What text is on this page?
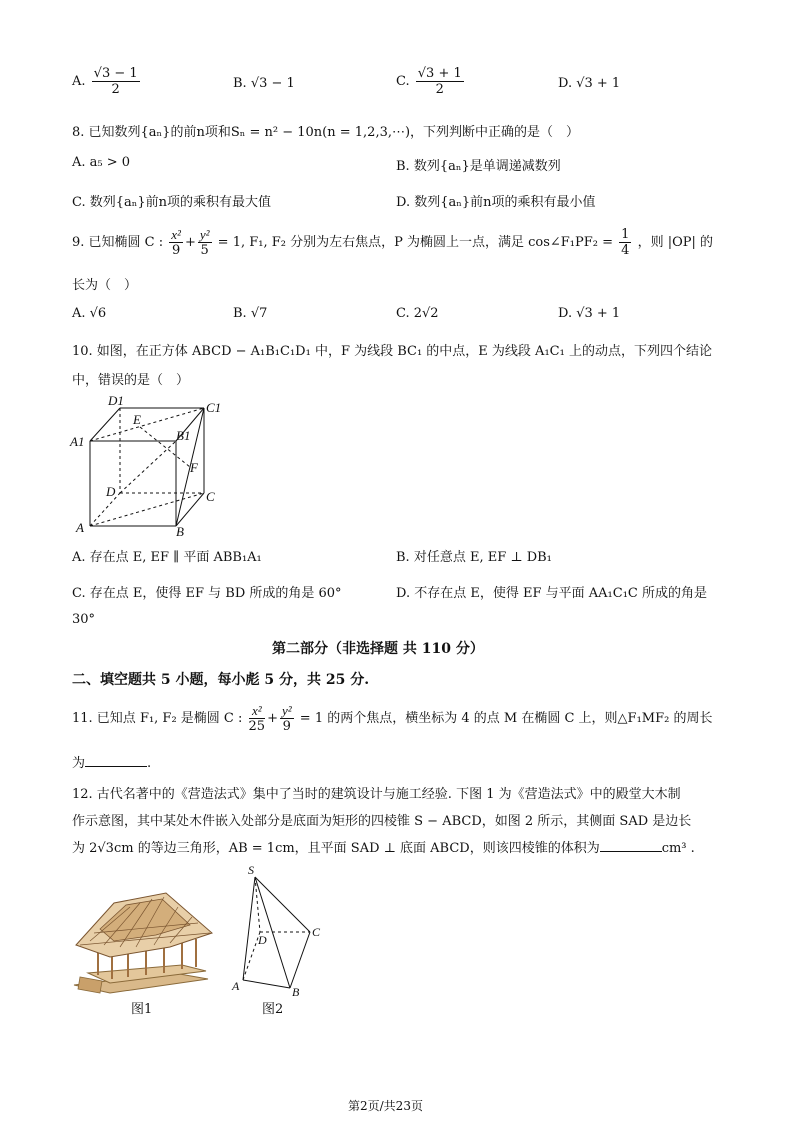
A. $\frac{√3 - 1}{2}$	B. √3 − 1	C. $\frac{√3 + 1}{2}$	D. √3 + 1
8. 已知数列{aₙ}的前n项和Sₙ = n² − 10n(n = 1,2,3,⋯)，下列判断中正确的是（　）
A. a₅ > 0	B. 数列{aₙ}是单调递减数列
C. 数列{aₙ}前n项的乘积有最大值	D. 数列{aₙ}前n项的乘积有最小值
9. 已知椭圆 C : $\frac{\text{x²}}{9} + \frac{\text{y²}}{5} = 1$, F₁, F₂ 分别为左右焦点，P 为椭圆上一点，满足 cos∠F₁PF₂ = $\frac{1}{4}$ ，则 |OP| 的
长为（　）
A. √6	B. √7	C. 2√2	D. √3 + 1
10. 如图，在正方体 ABCD − A₁B₁C₁D₁ 中，F 为线段 BC₁ 的中点，E 为线段 A₁C₁ 上的动点，下列四个结论
中，错误的是（　）
D1	C1
A1	B1
E
F
D	C
A	B
A. 存在点 E, EF ∥ 平面 ABB₁A₁	B. 对任意点 E, EF ⊥ DB₁
C. 存在点 E，使得 EF 与 BD 所成的角是 60°	D. 不存在点 E，使得 EF 与平面 AA₁C₁C 所成的角是
30°
第二部分（非选择题 共 110 分）
二、填空题共 5 小题，每小彪 5 分，共 25 分.
11. 已知点 F₁, F₂ 是椭圆 C : $\frac{\text{x²}}{25} + \frac{\text{y²}}{9} = 1$ 的两个焦点，横坐标为 4 的点 M 在椭圆 C 上，则△F₁MF₂ 的周长
为	.
12. 古代名著中的《营造法式》集中了当时的建筑设计与施工经验. 下图 1 为《营造法式》中的殿堂大木制
作示意图，其中某处木件嵌入处部分是底面为矩形的四棱锥 S − ABCD，如图 2 所示，其侧面 SAD 是边长
为 2√3cm 的等边三角形，AB = 1cm，且平面 SAD ⊥ 底面 ABCD，则该四棱锥的体积为	cm³ .
图1
S
D
C
A	B
图2
第2页/共23页
